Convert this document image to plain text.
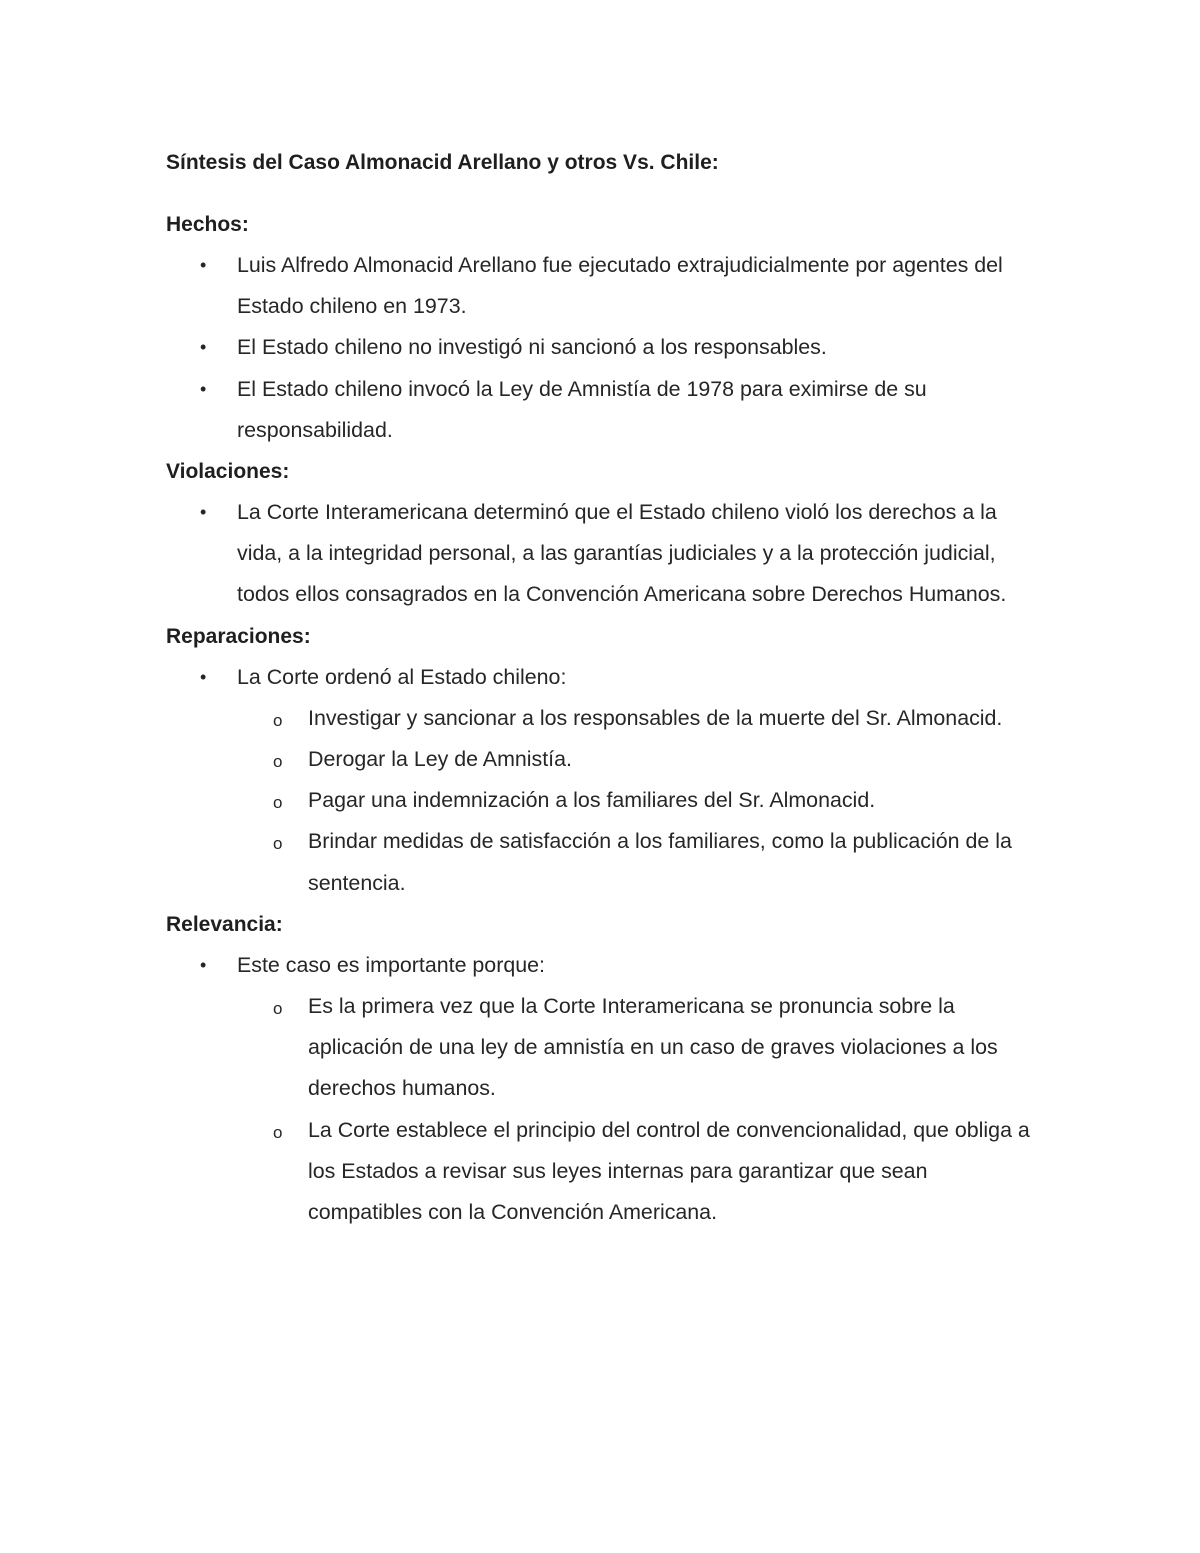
Síntesis del Caso Almonacid Arellano y otros Vs. Chile:
Hechos:
• Luis Alfredo Almonacid Arellano fue ejecutado extrajudicialmente por agentes del Estado chileno en 1973.
• El Estado chileno no investigó ni sancionó a los responsables.
• El Estado chileno invocó la Ley de Amnistía de 1978 para eximirse de su responsabilidad.
Violaciones:
• La Corte Interamericana determinó que el Estado chileno violó los derechos a la vida, a la integridad personal, a las garantías judiciales y a la protección judicial, todos ellos consagrados en la Convención Americana sobre Derechos Humanos.
Reparaciones:
• La Corte ordenó al Estado chileno:
o Investigar y sancionar a los responsables de la muerte del Sr. Almonacid.
o Derogar la Ley de Amnistía.
o Pagar una indemnización a los familiares del Sr. Almonacid.
o Brindar medidas de satisfacción a los familiares, como la publicación de la sentencia.
Relevancia:
• Este caso es importante porque:
o Es la primera vez que la Corte Interamericana se pronuncia sobre la aplicación de una ley de amnistía en un caso de graves violaciones a los derechos humanos.
o La Corte establece el principio del control de convencionalidad, que obliga a los Estados a revisar sus leyes internas para garantizar que sean compatibles con la Convención Americana.
